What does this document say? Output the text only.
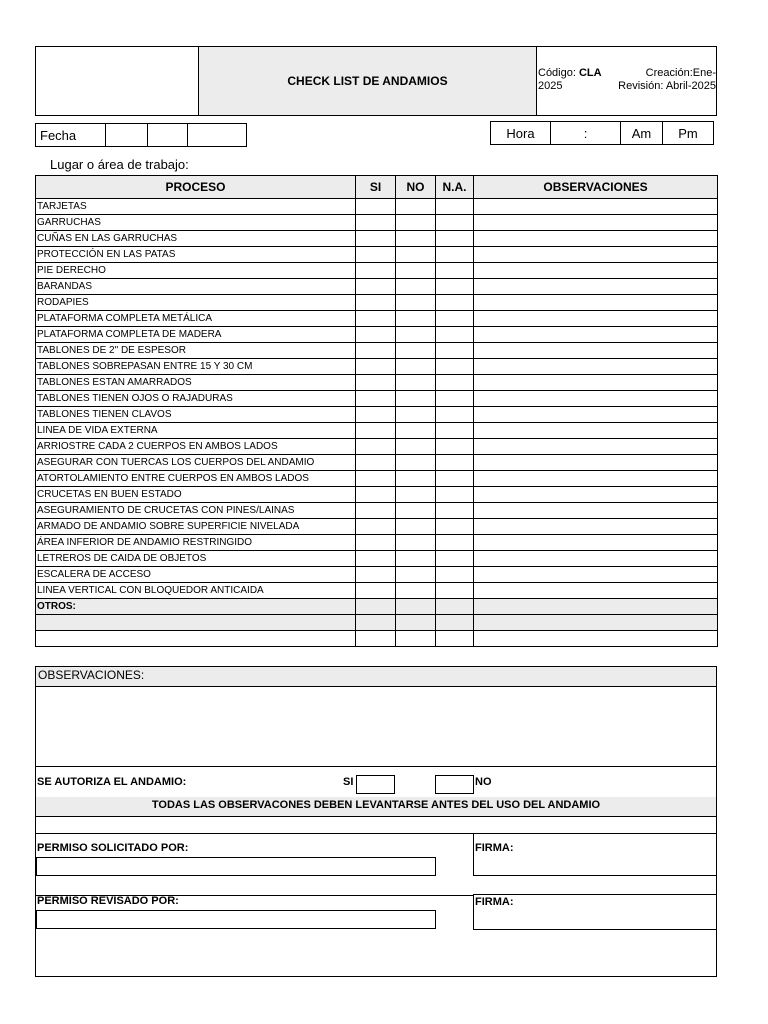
CHECK LIST DE ANDAMIOS
Código: CLA	Creación:Ene-
2025	Revisión: Abril-2025
Fecha	Hora	:	Am	Pm
Lugar o área de trabajo:
PROCESO	SI	NO	N.A.	OBSERVACIONES
TARJETAS				
GARRUCHAS				
CUÑAS EN LAS GARRUCHAS				
PROTECCIÓN EN LAS PATAS				
PIE DERECHO				
BARANDAS				
RODAPIES				
PLATAFORMA COMPLETA METÁLICA				
PLATAFORMA COMPLETA DE MADERA				
TABLONES DE 2" DE ESPESOR				
TABLONES SOBREPASAN ENTRE 15 Y 30 CM				
TABLONES ESTAN AMARRADOS				
TABLONES TIENEN OJOS O RAJADURAS				
TABLONES TIENEN CLAVOS				
LINEA DE VIDA EXTERNA				
ARRIOSTRE CADA 2 CUERPOS EN AMBOS LADOS				
ASEGURAR CON TUERCAS LOS CUERPOS DEL ANDAMIO				
ATORTOLAMIENTO ENTRE CUERPOS EN AMBOS LADOS				
CRUCETAS EN BUEN ESTADO				
ASEGURAMIENTO DE CRUCETAS CON PINES/LAINAS				
ARMADO DE ANDAMIO SOBRE SUPERFICIE NIVELADA				
ÁREA INFERIOR DE ANDAMIO RESTRINGIDO				
LETREROS DE CAIDA DE OBJETOS				
ESCALERA DE ACCESO				
LINEA VERTICAL CON BLOQUEDOR ANTICAIDA				
OTROS:				

OBSERVACIONES:
SE AUTORIZA EL ANDAMIO:	SI	NO
TODAS LAS OBSERVACONES DEBEN LEVANTARSE ANTES DEL USO DEL ANDAMIO
PERMISO SOLICITADO POR:	FIRMA:
PERMISO REVISADO POR:	FIRMA:
